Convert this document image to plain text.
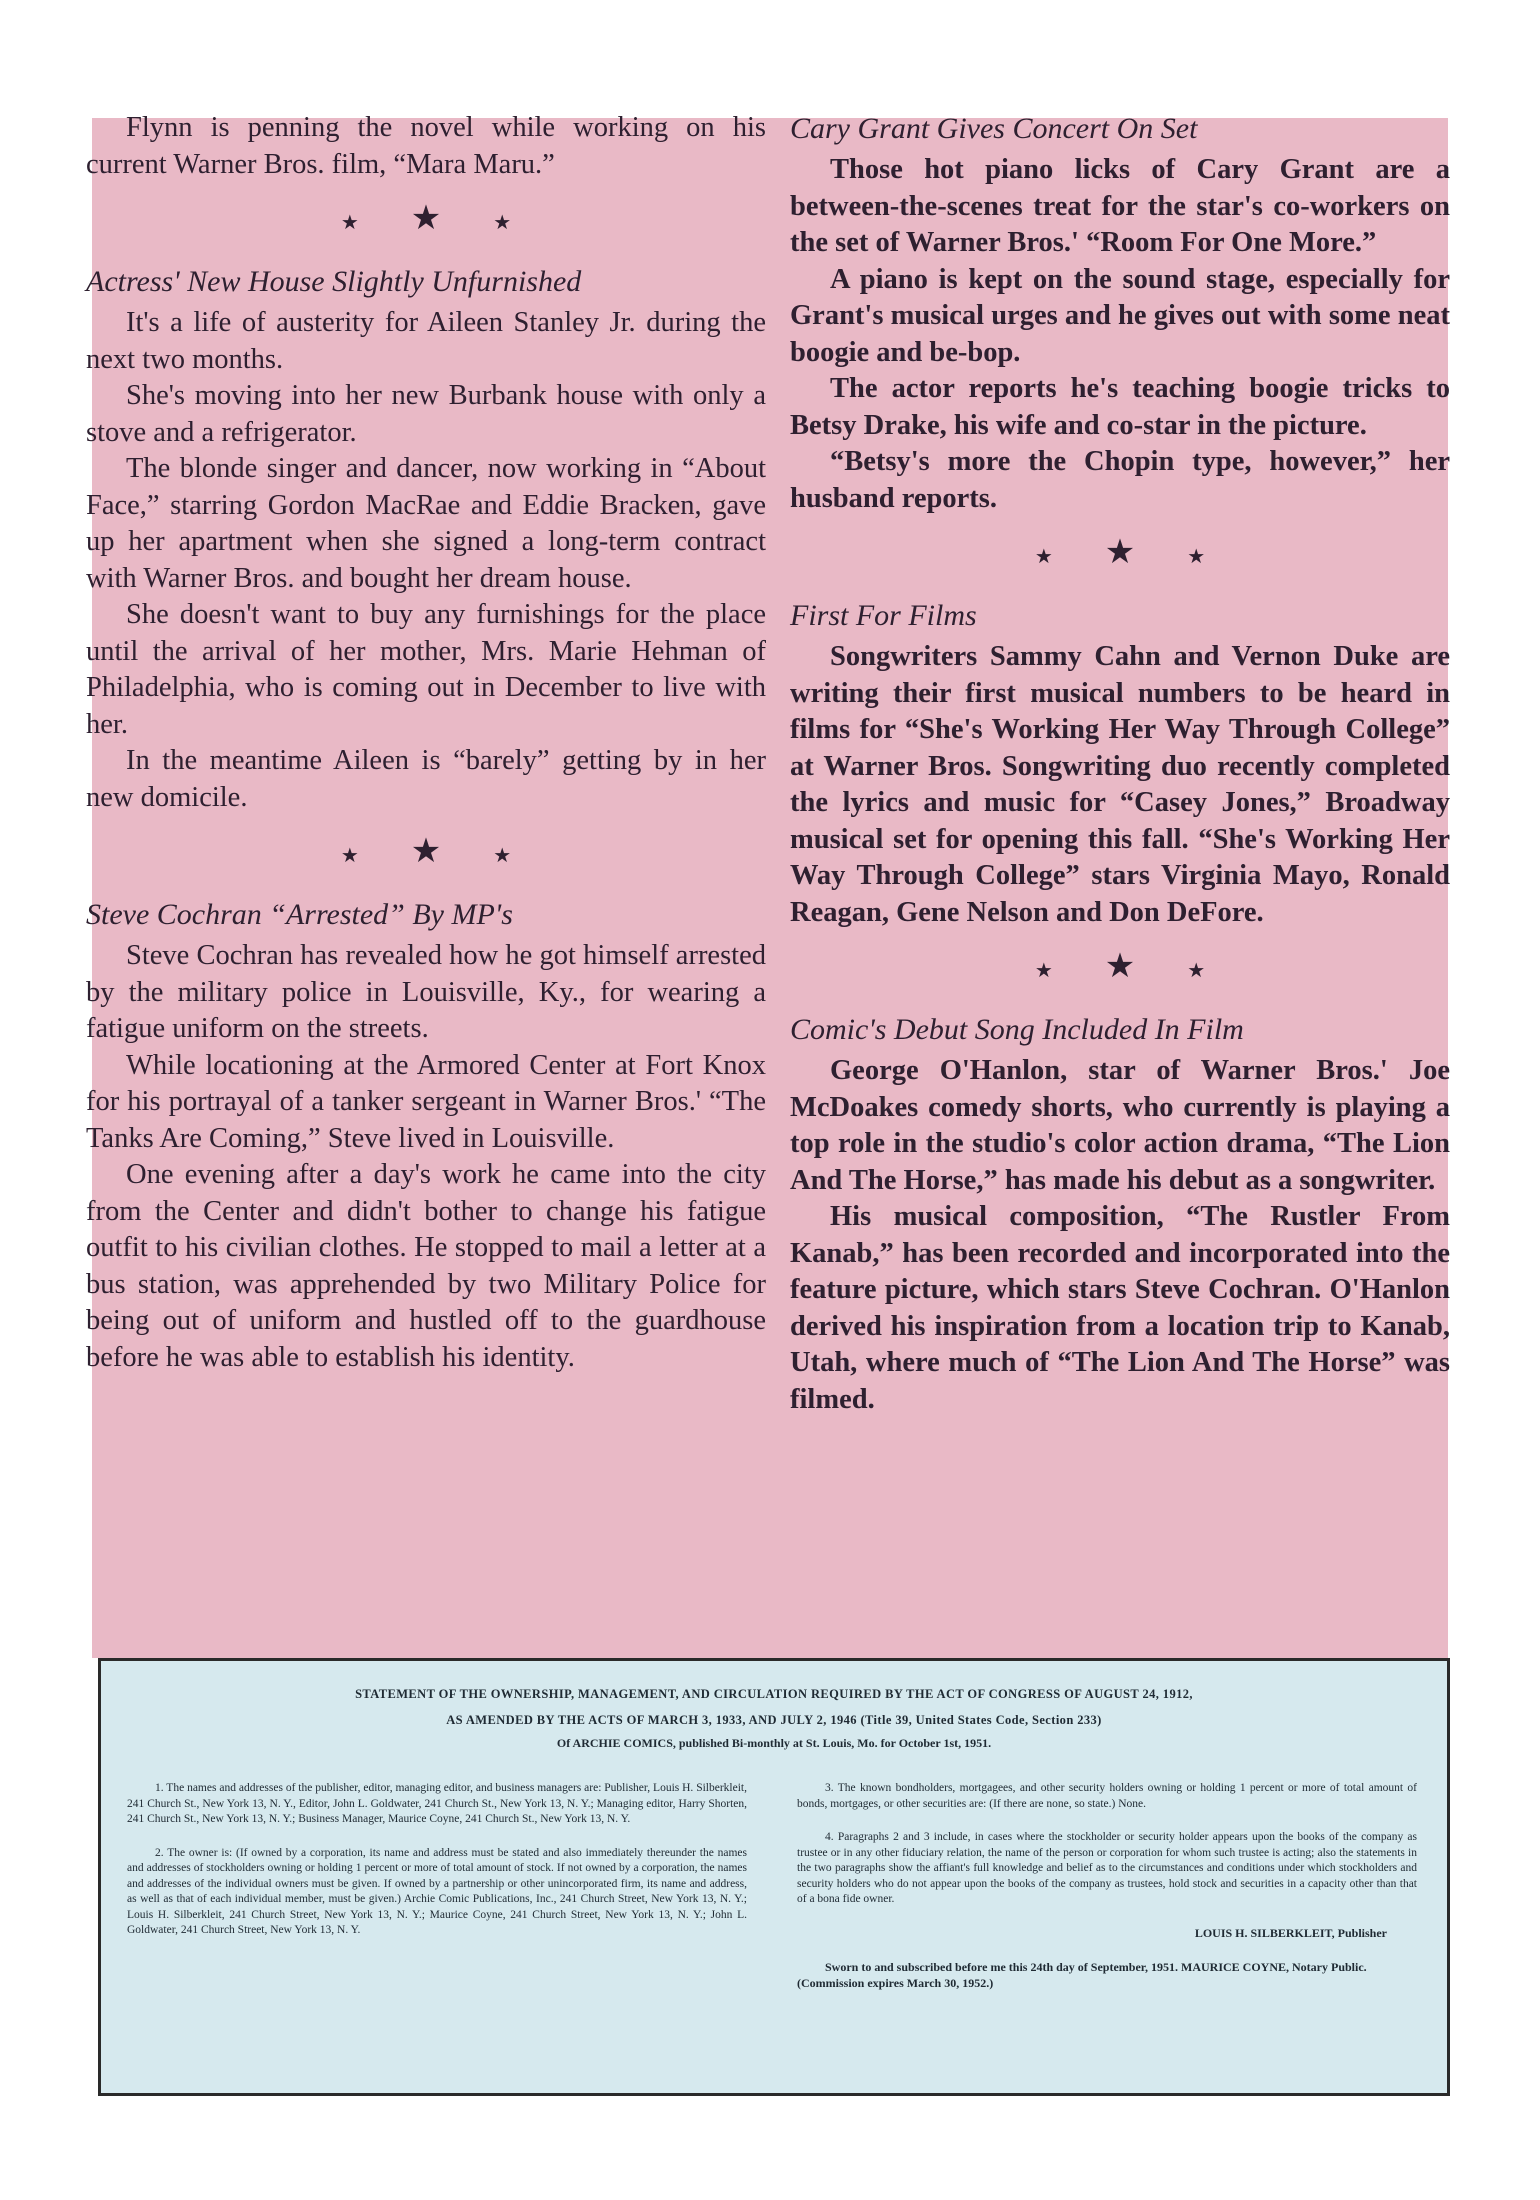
Flynn is penning the novel while working on his current Warner Bros. film, “Mara Maru.”

★ ★	★

Actress' New House Slightly Unfurnished

It's a life of austerity for Aileen Stanley Jr. during the next two months.

She's moving into her new Burbank house with only a stove and a refrigerator.

The blonde singer and dancer, now working in “About Face,” starring Gordon MacRae and Eddie Bracken, gave up her apartment when she signed a long-term contract with Warner Bros. and bought her dream house.

She doesn't want to buy any furnishings for the place until the arrival of her mother, Mrs. Marie Hehman of Philadelphia, who is coming out in December to live with her.

In the meantime Aileen is “barely” getting by in her new domicile.

★ ★	★

Steve Cochran “Arrested” By MP's

Steve Cochran has revealed how he got himself arrested by the military police in Louisville, Ky., for wearing a fatigue uniform on the streets.

While locationing at the Armored Center at Fort Knox for his portrayal of a tanker sergeant in Warner Bros.' “The Tanks Are Coming,” Steve lived in Louisville.

One evening after a day's work he came into the city from the Center and didn't bother to change his fatigue outfit to his civilian clothes. He stopped to mail a letter at a bus station, was apprehended by two Military Police for being out of uniform and hustled off to the guardhouse before he was able to establish his identity.

Cary Grant Gives Concert On Set

Those hot piano licks of Cary Grant are a between-the-scenes treat for the star's co-workers on the set of Warner Bros.' “Room For One More.”

A piano is kept on the sound stage, especially for Grant's musical urges and he gives out with some neat boogie and be-bop.

The actor reports he's teaching boogie tricks to Betsy Drake, his wife and co-star in the picture.

“Betsy's more the Chopin type, however,” her husband reports.

★ ★	★

First For Films

Songwriters Sammy Cahn and Vernon Duke are writing their first musical numbers to be heard in films for “She's Working Her Way Through College” at Warner Bros. Songwriting duo recently completed the lyrics and music for “Casey Jones,” Broadway musical set for opening this fall. “She's Working Her Way Through College” stars Virginia Mayo, Ronald Reagan, Gene Nelson and Don DeFore.

★ ★	★

Comic's Debut Song Included In Film

George O'Hanlon, star of Warner Bros.' Joe McDoakes comedy shorts, who currently is playing a top role in the studio's color action drama, “The Lion And The Horse,” has made his debut as a songwriter.

His musical composition, “The Rustler From Kanab,” has been recorded and incorporated into the feature picture, which stars Steve Cochran. O'Hanlon derived his inspiration from a location trip to Kanab, Utah, where much of “The Lion And The Horse” was filmed.

STATEMENT OF THE OWNERSHIP, MANAGEMENT, AND CIRCULATION REQUIRED BY THE ACT OF CONGRESS OF AUGUST 24, 1912,
AS AMENDED BY THE ACTS OF MARCH 3, 1933, AND JULY 2, 1946 (Title 39, United States Code, Section 233)
Of ARCHIE COMICS, published Bi-monthly at St. Louis, Mo. for October 1st, 1951.

1. The names and addresses of the publisher, editor, managing editor, and business managers are: Publisher, Louis H. Silberkleit, 241 Church St., New York 13, N. Y., Editor, John L. Goldwater, 241 Church St., New York 13, N. Y.; Managing editor, Harry Shorten, 241 Church St., New York 13, N. Y.; Business Manager, Maurice Coyne, 241 Church St., New York 13, N. Y.

2. The owner is: (If owned by a corporation, its name and address must be stated and also immediately thereunder the names and addresses of stockholders owning or holding 1 percent or more of total amount of stock. If not owned by a corporation, the names and addresses of the individual owners must be given. If owned by a partnership or other unincorporated firm, its name and address, as well as that of each individual member, must be given.) Archie Comic Publications, Inc., 241 Church Street, New York 13, N. Y.; Louis H. Silberkleit, 241 Church Street, New York 13, N. Y.; Maurice Coyne, 241 Church Street, New York 13, N. Y.; John L. Goldwater, 241 Church Street, New York 13, N. Y.

3. The known bondholders, mortgagees, and other security holders owning or holding 1 percent or more of total amount of bonds, mortgages, or other securities are: (If there are none, so state.) None.

4. Paragraphs 2 and 3 include, in cases where the stockholder or security holder appears upon the books of the company as trustee or in any other fiduciary relation, the name of the person or corporation for whom such trustee is acting; also the statements in the two paragraphs show the affiant's full knowledge and belief as to the circumstances and conditions under which stockholders and security holders who do not appear upon the books of the company as trustees, hold stock and securities in a capacity other than that of a bona fide owner.

LOUIS H. SILBERKLEIT, Publisher
Sworn to and subscribed before me this 24th day of September, 1951. MAURICE COYNE, Notary Public. (Commission expires March 30, 1952.)
